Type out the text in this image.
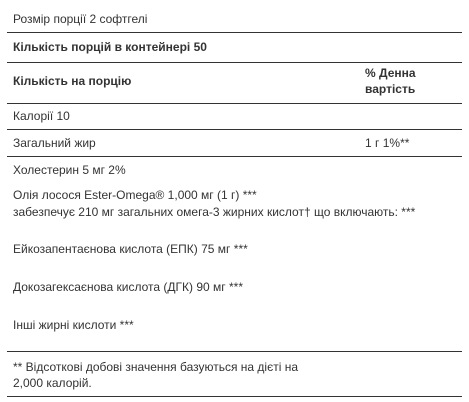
Розмір порції 2 софтгелі
Кількість порцій в контейнері 50
Кількість на порцію
% Денна вартість
Калорії 10
Загальний жир	1 г 1%**
Холестерин 5 мг 2%
Олія лосося Ester-Omega® 1,000 мг (1 г) ***
забезпечує 210 мг загальних омега-3 жирних кислот† що включають: ***
Ейкозапентаєнова кислота (ЕПК) 75 мг ***
Докозагексаєнова кислота (ДГК) 90 мг ***
Інші жирні кислоти ***
** Відсоткові добові значення базуються на дієті на 2,000 калорій.
